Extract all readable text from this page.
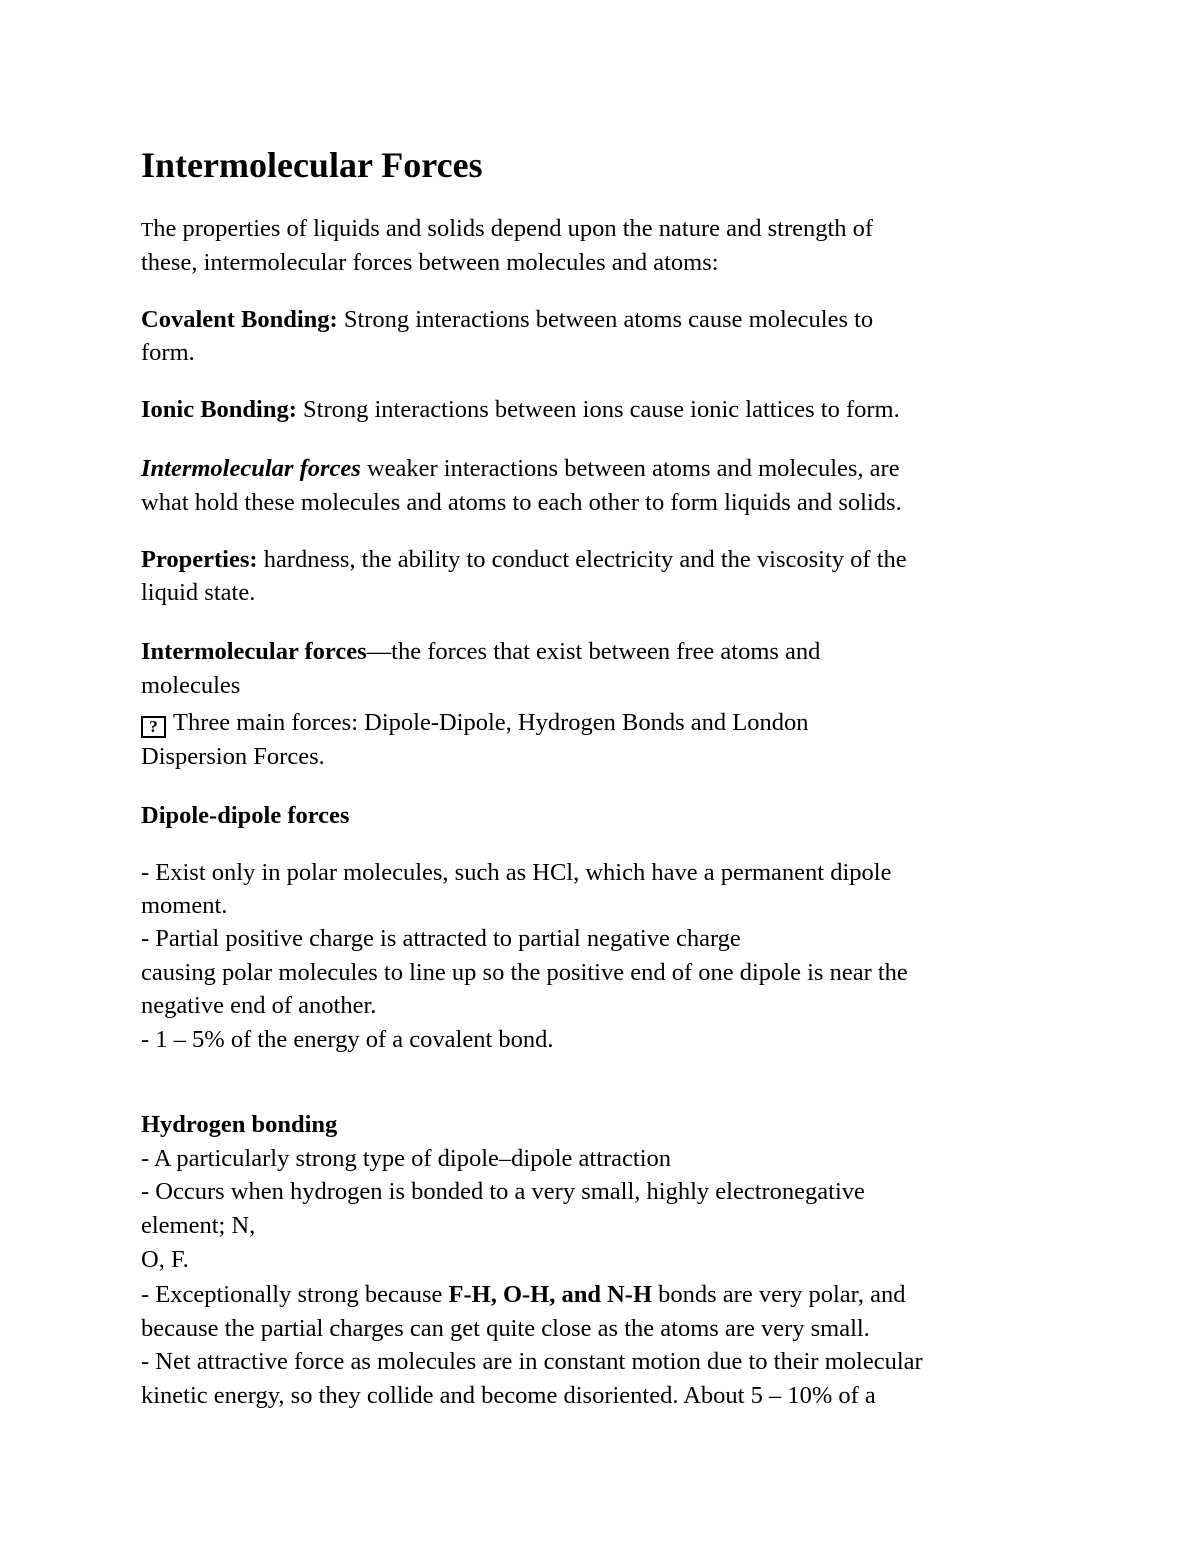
Intermolecular Forces

The properties of liquids and solids depend upon the nature and strength of

these, intermolecular forces between molecules and atoms:

Covalent Bonding: Strong interactions between atoms cause molecules to

form.

Ionic Bonding: Strong interactions between ions cause ionic lattices to form.

Intermolecular forces weaker interactions between atoms and molecules, are

what hold these molecules and atoms to each other to form liquids and solids.

Properties: hardness, the ability to conduct electricity and the viscosity of the

liquid state.

Intermolecular forces—the forces that exist between free atoms and

molecules

? Three main forces: Dipole-Dipole, Hydrogen Bonds and London

Dispersion Forces.

Dipole-dipole forces

- Exist only in polar molecules, such as HCl, which have a permanent dipole

moment.

- Partial positive charge is attracted to partial negative charge

causing polar molecules to line up so the positive end of one dipole is near the

negative end of another.

- 1 – 5% of the energy of a covalent bond.

Hydrogen bonding

- A particularly strong type of dipole–dipole attraction

- Occurs when hydrogen is bonded to a very small, highly electronegative

element; N,

O, F.

- Exceptionally strong because F-H, O-H, and N-H bonds are very polar, and

because the partial charges can get quite close as the atoms are very small.

- Net attractive force as molecules are in constant motion due to their molecular

kinetic energy, so they collide and become disoriented. About 5 – 10% of a
